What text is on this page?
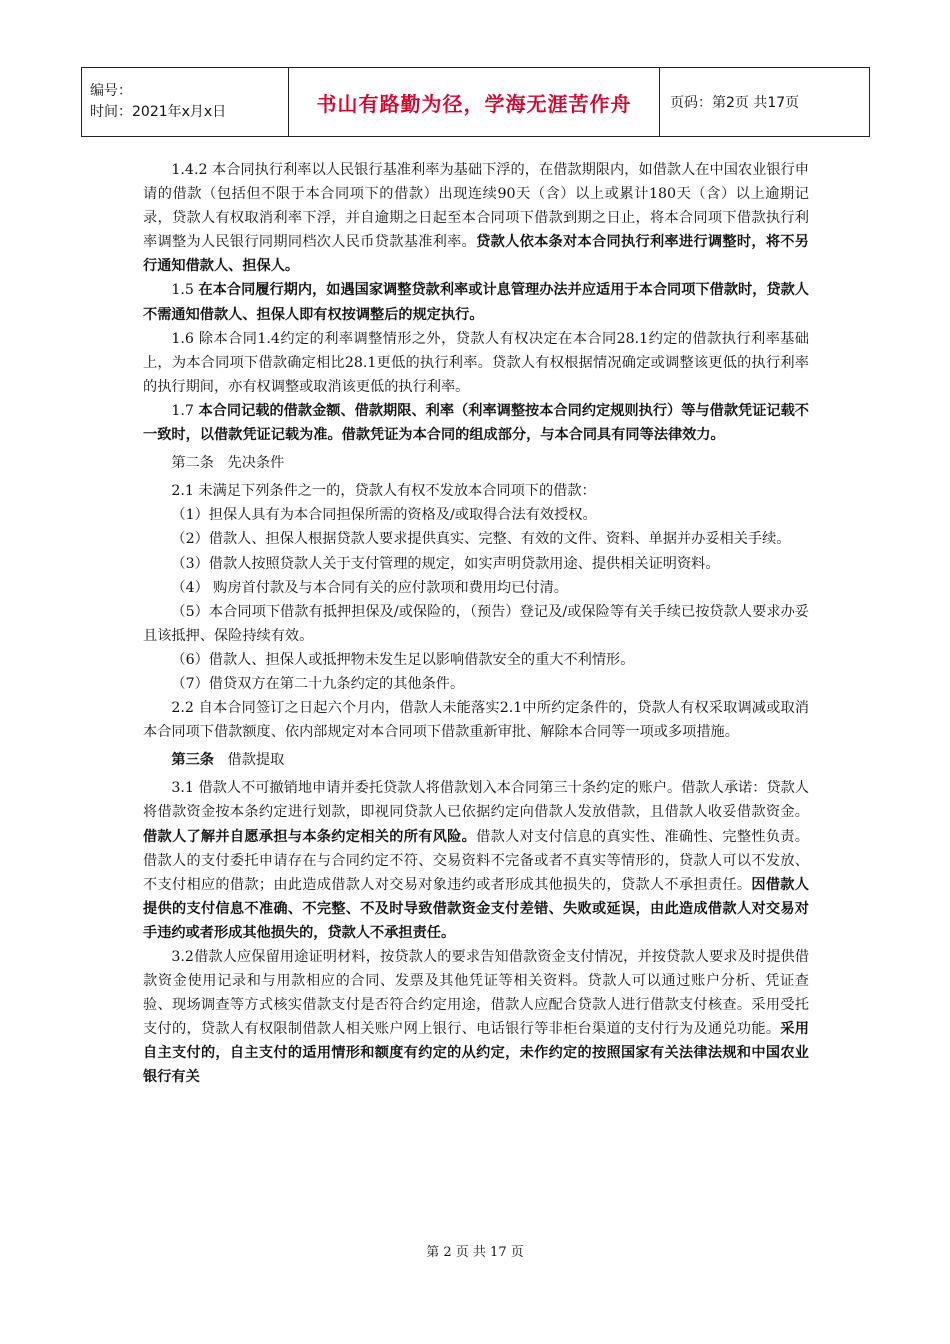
编号：
时间：2021年x月x日	书山有路勤为径，学海无涯苦作舟	页码：第2页 共17页

1.4.2 本合同执行利率以人民银行基准利率为基础下浮的，在借款期限内，如借款人在中国农业银行申请的借款（包括但不限于本合同项下的借款）出现连续90天（含）以上或累计180天（含）以上逾期记录，贷款人有权取消利率下浮，并自逾期之日起至本合同项下借款到期之日止，将本合同项下借款执行利率调整为人民银行同期同档次人民币贷款基准利率。贷款人依本条对本合同执行利率进行调整时，将不另行通知借款人、担保人。

1.5 在本合同履行期内，如遇国家调整贷款利率或计息管理办法并应适用于本合同项下借款时，贷款人不需通知借款人、担保人即有权按调整后的规定执行。

1.6 除本合同1.4约定的利率调整情形之外，贷款人有权决定在本合同28.1约定的借款执行利率基础上，为本合同项下借款确定相比28.1更低的执行利率。贷款人有权根据情况确定或调整该更低的执行利率的执行期间，亦有权调整或取消该更低的执行利率。

1.7 本合同记载的借款金额、借款期限、利率（利率调整按本合同约定规则执行）等与借款凭证记载不一致时，以借款凭证记载为准。借款凭证为本合同的组成部分，与本合同具有同等法律效力。

第二条 先决条件

2.1 未满足下列条件之一的，贷款人有权不发放本合同项下的借款：

（1）担保人具有为本合同担保所需的资格及/或取得合法有效授权。

（2）借款人、担保人根据贷款人要求提供真实、完整、有效的文件、资料、单据并办妥相关手续。

（3）借款人按照贷款人关于支付管理的规定，如实声明贷款用途、提供相关证明资料。

（4） 购房首付款及与本合同有关的应付款项和费用均已付清。

（5）本合同项下借款有抵押担保及/或保险的，（预告）登记及/或保险等有关手续已按贷款人要求办妥且该抵押、保险持续有效。

（6）借款人、担保人或抵押物未发生足以影响借款安全的重大不利情形。

（7）借贷双方在第二十九条约定的其他条件。

2.2 自本合同签订之日起六个月内，借款人未能落实2.1中所约定条件的，贷款人有权采取调减或取消本合同项下借款额度、依内部规定对本合同项下借款重新审批、解除本合同等一项或多项措施。

第三条 借款提取

3.1 借款人不可撤销地申请并委托贷款人将借款划入本合同第三十条约定的账户。借款人承诺：贷款人将借款资金按本条约定进行划款，即视同贷款人已依据约定向借款人发放借款，且借款人收妥借款资金。借款人了解并自愿承担与本条约定相关的所有风险。借款人对支付信息的真实性、准确性、完整性负责。借款人的支付委托申请存在与合同约定不符、交易资料不完备或者不真实等情形的，贷款人可以不发放、不支付相应的借款；由此造成借款人对交易对象违约或者形成其他损失的，贷款人不承担责任。因借款人提供的支付信息不准确、不完整、不及时导致借款资金支付差错、失败或延误，由此造成借款人对交易对手违约或者形成其他损失的，贷款人不承担责任。

3.2借款人应保留用途证明材料，按贷款人的要求告知借款资金支付情况，并按贷款人要求及时提供借款资金使用记录和与用款相应的合同、发票及其他凭证等相关资料。贷款人可以通过账户分析、凭证查验、现场调查等方式核实借款支付是否符合约定用途，借款人应配合贷款人进行借款支付核查。采用受托支付的，贷款人有权限制借款人相关账户网上银行、电话银行等非柜台渠道的支付行为及通兑功能。采用自主支付的，自主支付的适用情形和额度有约定的从约定，未作约定的按照国家有关法律法规和中国农业银行有关

第 2 页 共 17 页
